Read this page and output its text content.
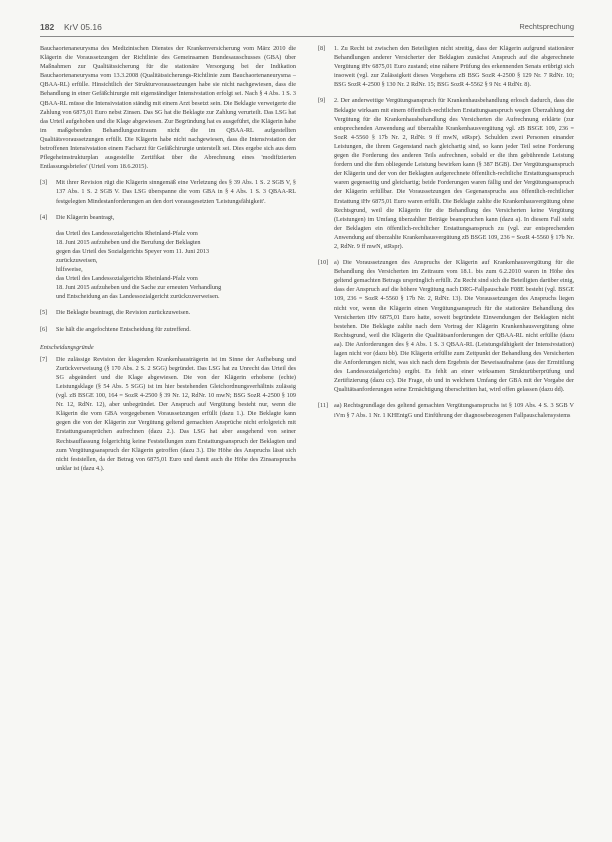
182 KrV 05.16	Rechtsprechung

Bauchaortenaneurysma des Medizinischen Dienstes der Krankenversicherung vom März 2010 die Klägerin die Voraussetzungen der Richtlinie des Gemeinsamen Bundesausschusses (GBA) über Maßnahmen zur Qualitätssicherung für die stationäre Versorgung bei der Indikation Bauchaortenaneurysma vom 13.3.2008 (Qualitätssicherungs-Richtlinie zum Bauchaortenaneurysma – QBAA-RL) erfülle. Hinsichtlich der Strukturvoraussetzungen habe sie nicht nachgewiesen, dass die Behandlung in einer Gefäßchirurgie mit eigenständiger Intensivstation erfolgt sei. Nach § 4 Abs. 1 S. 3 QBAA-RL müsse die Intensivstation ständig mit einem Arzt besetzt sein. Die Beklagte verweigerte die Zahlung von 6875,01 Euro nebst Zinsen. Das SG hat die Beklagte zur Zahlung verurteilt. Das LSG hat das Urteil aufgehoben und die Klage abgewiesen. Zur Begründung hat es ausgeführt, die Klägerin habe im maßgebenden Behandlungszeitraum nicht die im QBAA-RL aufgestellten Qualitätsvoraussetzungen erfüllt. Die Klägerin habe nicht nachgewiesen, dass die Intensivstation der betroffenen Intensivstation einem Facharzt für Gefäßchirurgie unterstellt sei. Dies ergebe sich aus dem Pflegeheimstrukturplan ausgestellte Zertifikat über die Abrechnung eines 'modifizierten Entlassungsbriefes' (Urteil vom 18.6.2015).

[3]	Mit ihrer Revision rügt die Klägerin sinngemäß eine Verletzung des § 39 Abs. 1 S. 2 SGB V, § 137 Abs. 1 S. 2 SGB V. Das LSG überspanne die vom GBA in § 4 Abs. 1 S. 3 QBAA-RL festgelegten Mindestanforderungen an den dort vorausgesetzten 'Leistungsfähigkeit'.
[4]	Die Klägerin beantragt,
das Urteil des Landessozialgerichts Rheinland-Pfalz vom
18. Juni 2015 aufzuheben und die Berufung der Beklagten
gegen das Urteil des Sozialgerichts Speyer vom 11. Juni 2013
zurückzuweisen,
hilfsweise,
das Urteil des Landessozialgerichts Rheinland-Pfalz vom
18. Juni 2015 aufzuheben und die Sache zur erneuten Verhandlung
und Entscheidung an das Landessozialgericht zurückzuverweisen.
[5]	Die Beklagte beantragt, die Revision zurückzuweisen.
[6]	Sie hält die angefochtene Entscheidung für zutreffend.
Entscheidungsgründe
[7]	Die zulässige Revision der klagenden Krankenhausträgerin ist im Sinne der Aufhebung und Zurückverweisung (§ 170 Abs. 2 S. 2 SGG) begründet. Das LSG hat zu Unrecht das Urteil des SG abgeändert und die Klage abgewiesen. Die von der Klägerin erhobene (echte) Leistungsklage (§ 54 Abs. 5 SGG) ist im hier bestehenden Gleichordnungsverhältnis zulässig (vgl. zB BSGE 100, 164 = SozR 4-2500 § 39 Nr. 12, RdNr. 10 mwN; BSG SozR 4-2500 § 109 Nr. 12, RdNr. 12), aber unbegründet. Der Anspruch auf Vergütung besteht nur, wenn die Klägerin die vom GBA vorgegebenen Voraussetzungen erfüllt (dazu 1.). Die Beklagte kann gegen die von der Klägerin zur Vergütung geltend gemachten Ansprüche nicht erfolgreich mit Erstattungsansprüchen aufrechnen (dazu 2.). Das LSG hat aber ausgehend von seiner Rechtsauffassung folgerichtig keine Feststellungen zum Erstattungsanspruch der Beklagten und zum Vergütungsanspruch der Klägerin getroffen (dazu 3.). Die Höhe des Anspruchs lässt sich nicht feststellen, da der Betrag von 6875,01 Euro und damit auch die Höhe des Zinsanspruchs unklar ist (dazu 4.).
[8]	1. Zu Recht ist zwischen den Beteiligten nicht streitig, dass der Klägerin aufgrund stationärer Behandlungen anderer Versicherter der Beklagten zunächst Anspruch auf die abgerechnete Vergütung iHv 6875,01 Euro zustand; eine nähere Prüfung des erkennenden Senats erübrigt sich insoweit (vgl. zur Zulässigkeit dieses Vorgehens zB BSG SozR 4-2500 § 129 Nr. 7 RdNr. 10; BSG SozR 4-2500 § 130 Nr. 2 RdNr. 15; BSG SozR 4-5562 § 9 Nr. 4 RdNr. 8).
[9]	2. Der anderweitige Vergütungsanspruch für Krankenhausbehandlung erlosch dadurch, dass die Beklagte wirksam mit einem öffentlich-rechtlichen Erstattungsanspruch wegen Überzahlung der Vergütung für die Krankenhausbehandlung des Versicherten die Aufrechnung erklärte (zur entsprechenden Anwendung auf überzahlte Krankenhausvergütung vgl. zB BSGE 109, 236 = SozR 4-5560 § 17b Nr. 2, RdNr. 9 ff mwN, stRspr). Schulden zwei Personen einander Leistungen, die ihrem Gegenstand nach gleichartig sind, so kann jeder Teil seine Forderung gegen die Forderung des anderen Teils aufrechnen, sobald er die ihm gebührende Leistung fordern und die ihm obliegende Leistung bewirken kann (§ 387 BGB). Der Vergütungsanspruch der Klägerin und der von der Beklagten aufgerechnete öffentlich-rechtliche Erstattungsanspruch waren gegenseitig und gleichartig; beide Forderungen waren fällig und der Vergütungsanspruch der Klägerin erfüllbar. Die Voraussetzungen des Gegenanspruchs aus öffentlich-rechtlicher Erstattung iHv 6875,01 Euro waren erfüllt. Die Beklagte zahlte die Krankenhausvergütung ohne Rechtsgrund, weil die Klägerin für die Behandlung des Versicherten keine Vergütung (Leistungen) im Umfang überzahlter Beträge beanspruchen kann (dazu a). In diesem Fall steht der Beklagten ein öffentlich-rechtlicher Erstattungsanspruch zu (vgl. zur entsprechenden Anwendung auf überzahlte Krankenhausvergütung zB BSGE 109, 236 = SozR 4-5560 § 17b Nr. 2, RdNr. 9 ff mwN, stRspr).
[10] a) Die Voraussetzungen des Anspruchs der Klägerin auf Krankenhausvergütung für die Behandlung des Versicherten im Zeitraum vom 18.1. bis zum 6.2.2010 waren in Höhe des geltend gemachten Betrags ursprünglich erfüllt. Zu Recht sind sich die Beteiligten darüber einig, dass der Anspruch auf die höhere Vergütung nach DRG-Fallpauschale F08E besteht (vgl. BSGE 109, 236 = SozR 4-5560 § 17b Nr. 2, RdNr. 13). Die Voraussetzungen des Anspruchs liegen nicht vor, wenn die Klägerin einen Vergütungsanspruch für die stationäre Behandlung des Versicherten iHv 6875,01 Euro hatte, soweit begründete Einwendungen der Beklagten nicht bestehen. Die Beklagte zahlte nach dem Vortrag der Klägerin Krankenhausvergütung ohne Rechtsgrund, weil die Klägerin die Qualitätsanforderungen der QBAA-RL nicht erfüllte (dazu aa). Die Anforderungen des § 4 Abs. 1 S. 3 QBAA-RL (Leistungsfähigkeit der Intensivstation) lagen nicht vor (dazu bb). Die Klägerin erfüllte zum Zeitpunkt der Behandlung des Versicherten die Anforderungen nicht, was sich nach dem Ergebnis der Beweisaufnahme (aus der Ermittlung des Landessozialgerichts) ergibt. Es fehlt an einer wirksamen Strukturüberprüfung und Zertifizierung (dazu cc). Die Frage, ob und in welchem Umfang der GBA mit der Vorgabe der Qualitätsanforderungen seine Ermächtigung überschritten hat, wird offen gelassen (dazu dd).
[11] aa) Rechtsgrundlage des geltend gemachten Vergütungsanspruchs ist § 109 Abs. 4 S. 3 SGB V iVm § 7 Abs. 1 Nr. 1 KHEntgG und Einführung der diagnosebezogenen Fallpauschalensystems
